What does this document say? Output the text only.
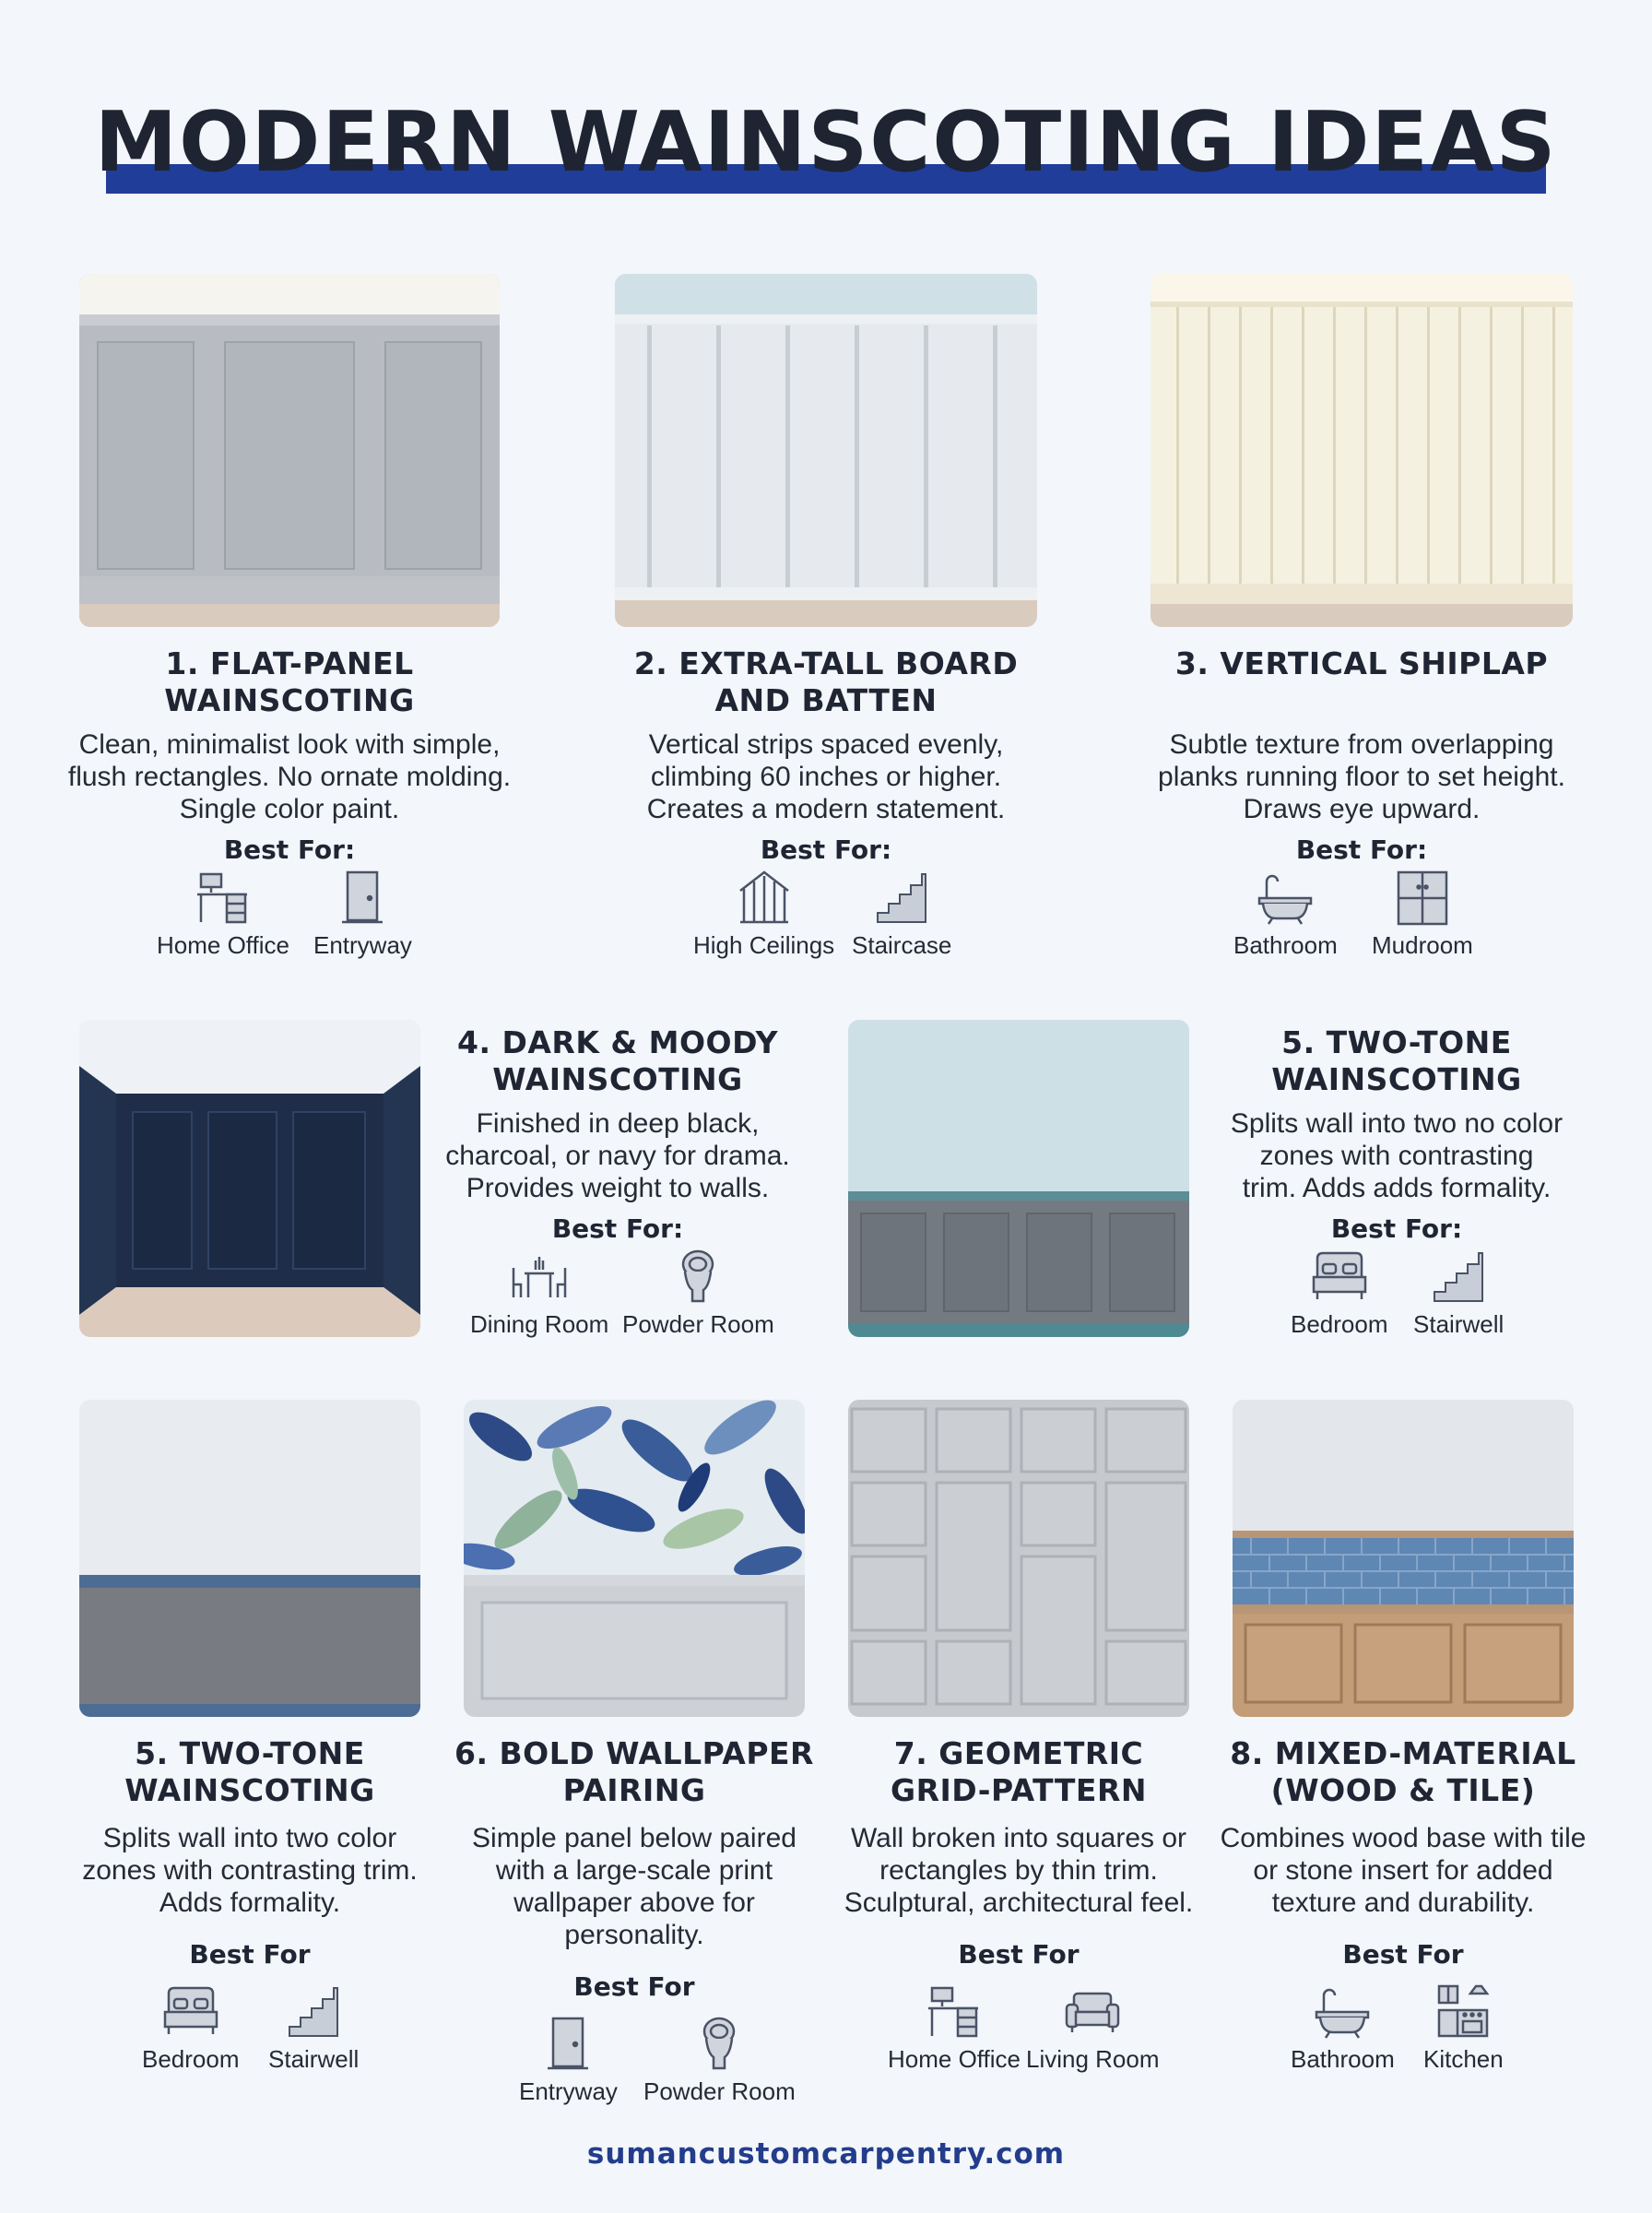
MODERN WAINSCOTING IDEAS
1. FLAT-PANEL
WAINSCOTING
Clean, minimalist look with simple,
flush rectangles. No ornate molding.
Single color paint.
Best For:
Home Office Entryway
2. EXTRA-TALL BOARD
AND BATTEN
Vertical strips spaced evenly,
climbing 60 inches or higher.
Creates a modern statement.
Best For:
High Ceilings Staircase
3. VERTICAL SHIPLAP
Subtle texture from overlapping
planks running floor to set height.
Draws eye upward.
Best For:
Bathroom Mudroom
4. DARK & MOODY
WAINSCOTING
Finished in deep black,
charcoal, or navy for drama.
Provides weight to walls.
Best For:
Dining Room Powder Room
5. TWO-TONE
WAINSCOTING
Splits wall into two no color
zones with contrasting
trim. Adds adds formality.
Best For:
Bedroom Stairwell
5. TWO-TONE
WAINSCOTING
Splits wall into two color
zones with contrasting trim.
Adds formality.
Best For
Bedroom Stairwell
6. BOLD WALLPAPER
PAIRING
Simple panel below paired
with a large-scale print
wallpaper above for personality.
Best For
Entryway Powder Room
7. GEOMETRIC
GRID-PATTERN
Wall broken into squares or
rectangles by thin trim.
Sculptural, architectural feel.
Best For
Home Office Living Room
8. MIXED-MATERIAL
(WOOD & TILE)
Combines wood base with tile
or stone insert for added
texture and durability.
Best For
Bathroom Kitchen
sumancustomcarpentry.com
